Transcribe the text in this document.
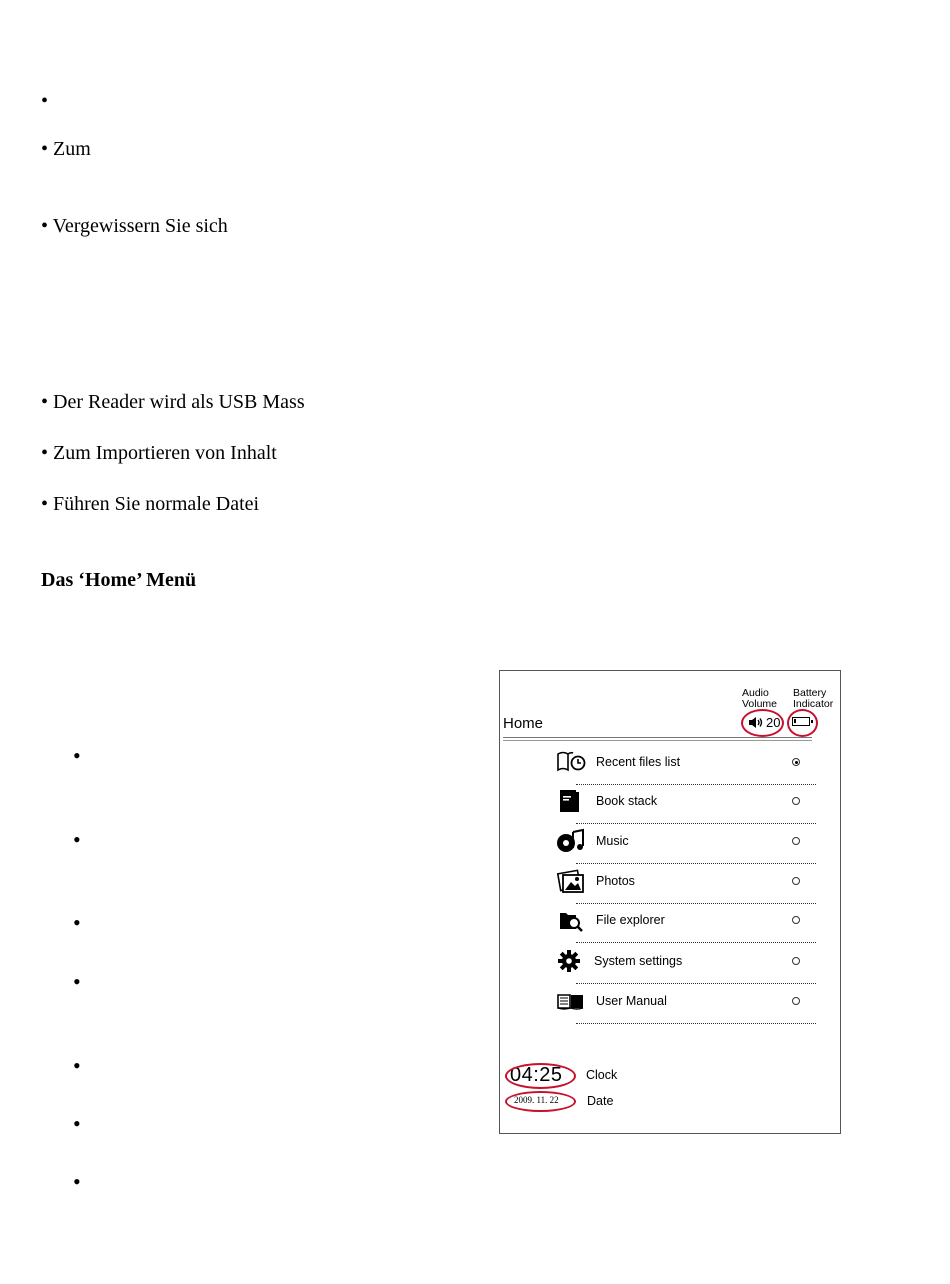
•
• Zum
• Vergewissern Sie sich
• Der Reader wird als USB Mass
• Zum Importieren von Inhalt
• Führen Sie normale Datei
Das ‘Home’ Menü
•
•
•
•
•
•
•
Audio
Volume
Battery
Indicator
Home	20
Recent files list
Book stack
Music
Photos
File explorer
System settings
User Manual
04:25 Clock
2009. 11. 22 Date
